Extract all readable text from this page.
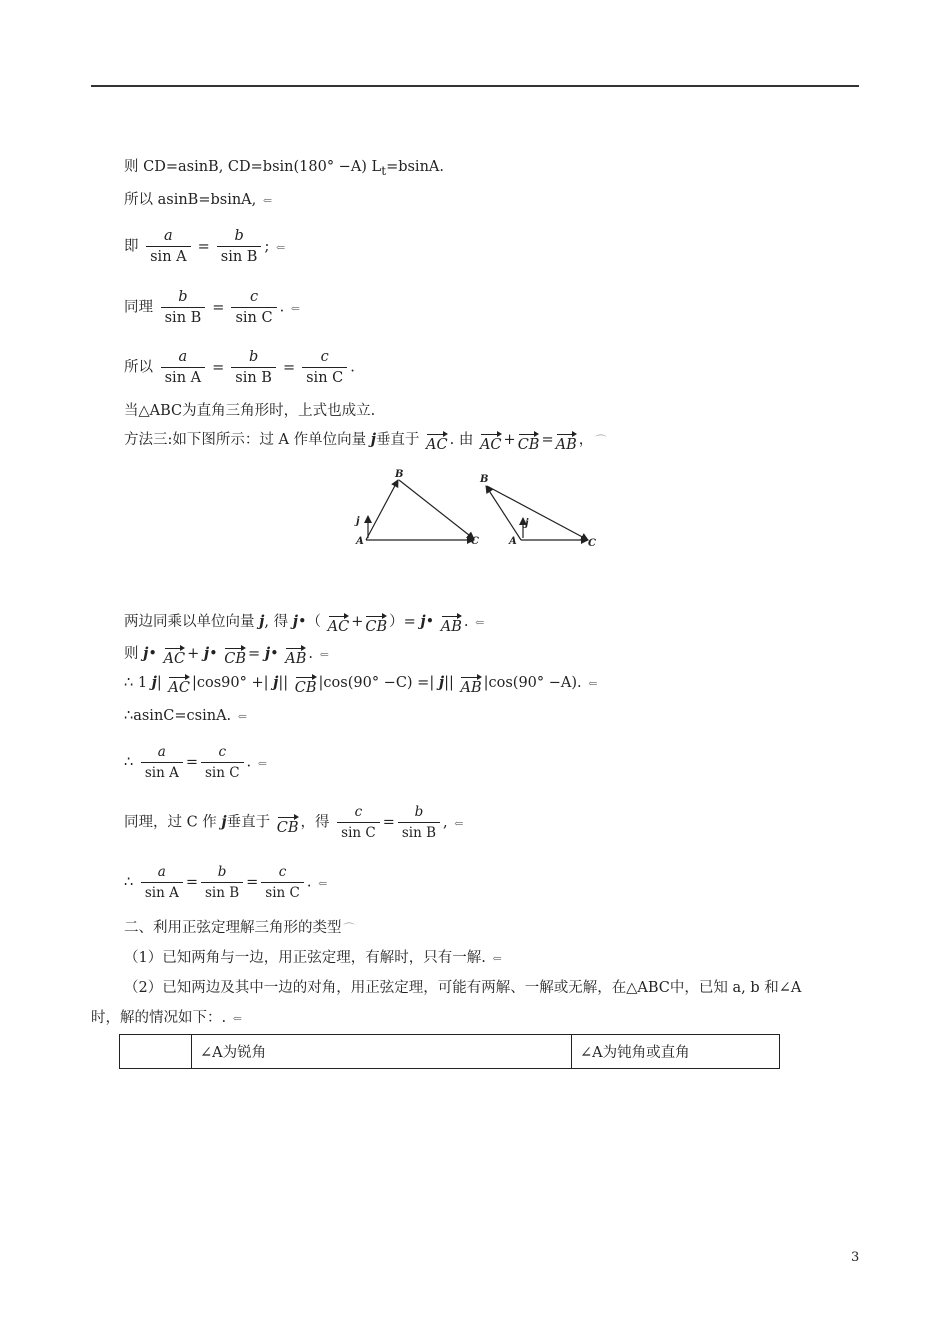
则 CD=asinB, CD=bsin(180° −A) $L_t=bsinA$.
所以 asinB=bsinA, ⇐
即 $\frac{a}{\text{sin A}} = \frac{b}{\text{sin B}}$ ; ⇐
同理 $\frac{b}{\text{sin B}} = \frac{c}{\text{sin C}}$ . ⇐
所以 $\frac{a}{\text{sin A}} = \frac{b}{\text{sin B}} = \frac{c}{\text{sin C}}$ .
当△ABC为直角三角形时，上式也成立.
方法三:如下图所示：过 A 作单位向量 j垂直于 AC . 由 AC + CB = AB ， ⌒
B
A	C
j
B
A	C
j
两边同乘以单位向量 j, 得 j•（ AC + CB ）= j• AB . ⇐
则 j• AC + j• CB = j• AB . ⇐
∴ 1 j| AC |cos90° +| j|| CB |cos(90° −C) =| j|| AB |cos(90° −A). ⇐
∴asinC=csinA. ⇐
∴ $\frac{a}{\text{sin A}} = \frac{c}{\text{sin C}}$ . ⇐
同理，过 C 作 j垂直于 CB ，得 $\frac{c}{\text{sin C}} = \frac{b}{\text{sin B}}$ , ⇐
∴ $\frac{a}{\text{sin A}} = \frac{b}{\text{sin B}} = \frac{c}{\text{sin C}}$ . ⇐
二、利用正弦定理解三角形的类型 ⌒
（1）已知两角与一边，用正弦定理，有解时，只有一解. ⇐
（2）已知两边及其中一边的对角，用正弦定理，可能有两解、一解或无解，在△ABC中，已知 a, b 和∠A
时，解的情况如下：. ⇐
	∠A为锐角	∠A为钝角或直角
3
